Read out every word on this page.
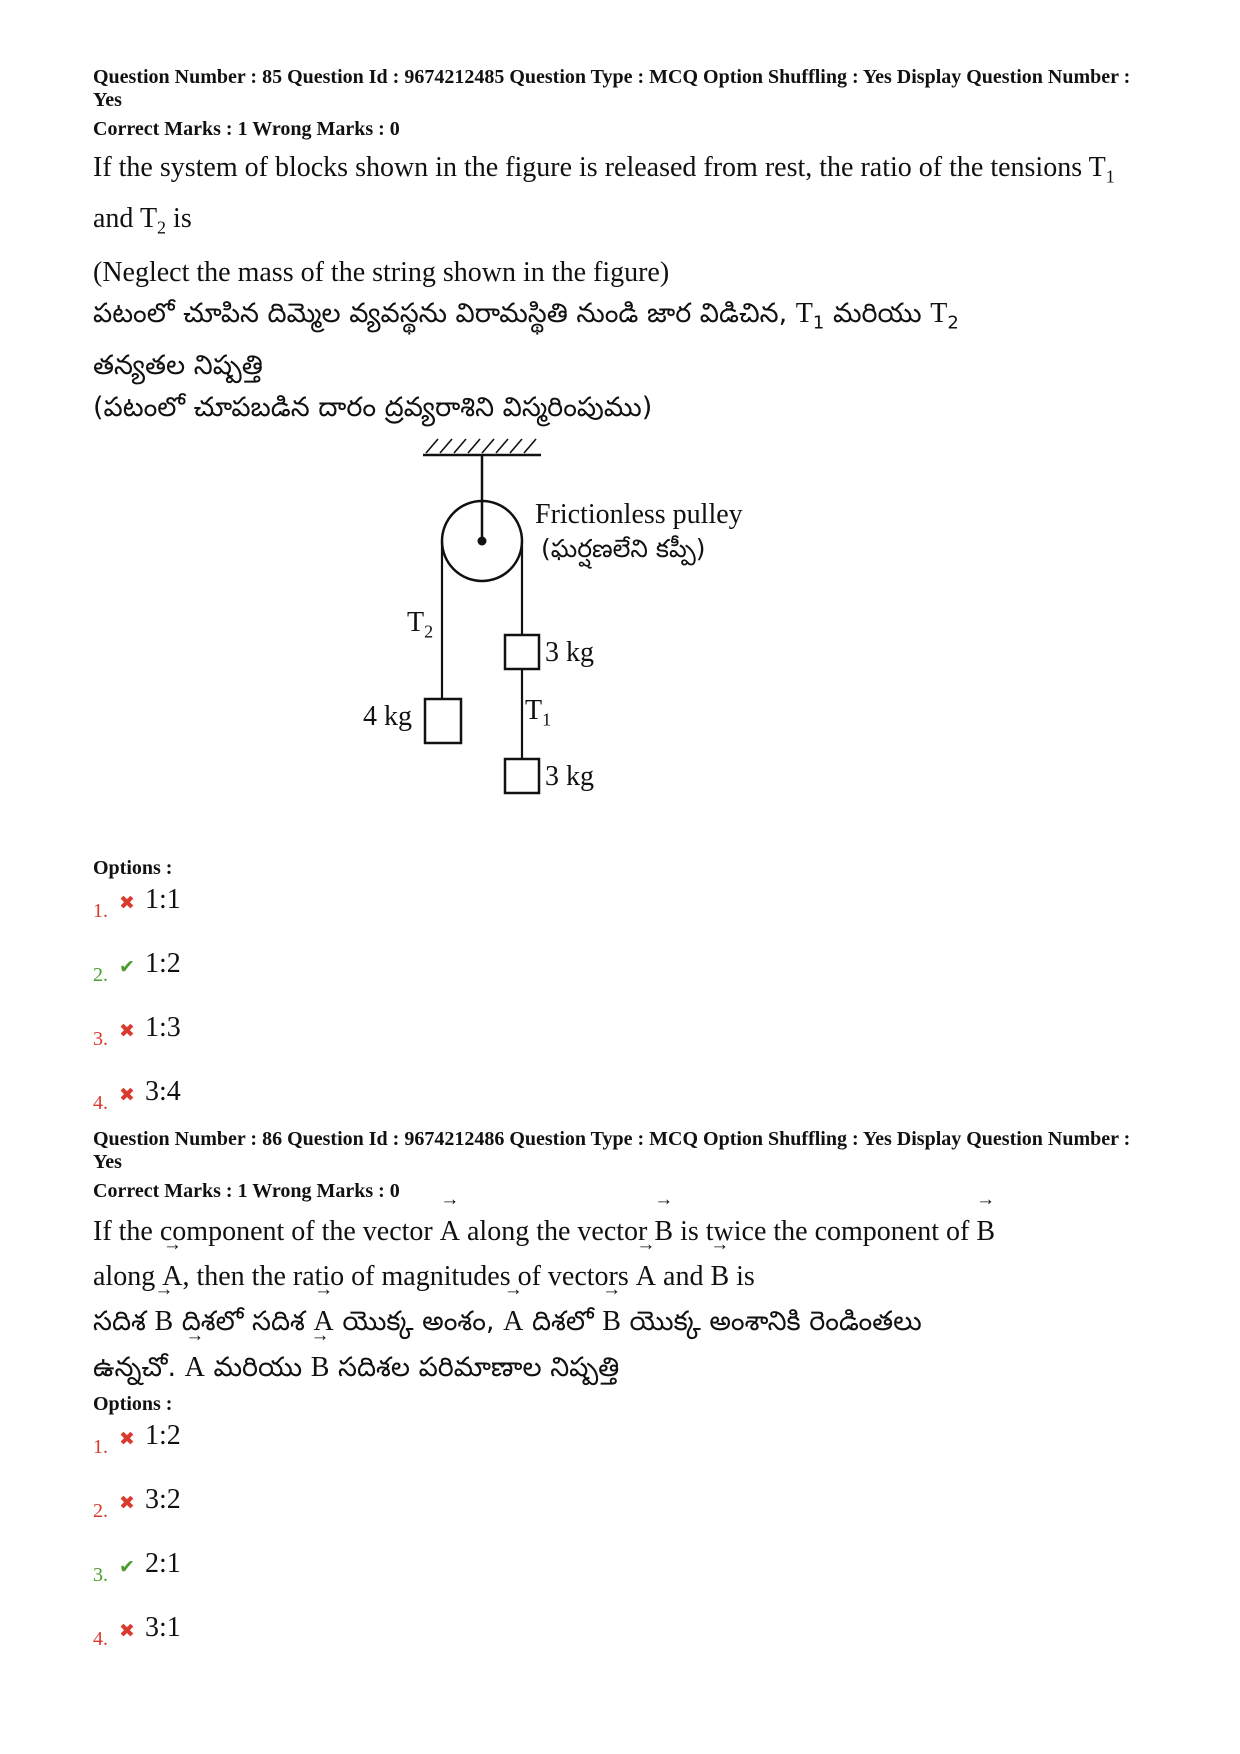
Question Number : 85 Question Id : 9674212485 Question Type : MCQ Option Shuffling : Yes Display Question Number : Yes
Correct Marks : 1 Wrong Marks : 0

If the system of blocks shown in the figure is released from rest, the ratio of the tensions $T_1$ and $T_2$ is

(Neglect the mass of the string shown in the figure)

పటంలో చూపిన దిమ్మెల వ్యవస్థను విరామస్థితి నుండి జార విడిచిన, $T_1$ మరియు $T_2$

తన్యతల నిష్పత్తి

(పటంలో చూపబడిన దారం ద్రవ్యరాశిని విస్మరింపుము)

Frictionless pulley
(ఘర్షణలేని కప్పీ)
$T_2$
$T_1$
4 kg
3 kg
3 kg
Options :
1. ✖ 1:1
2. ✔ 1:2
3. ✖ 1:3
4. ✖ 3:4
Question Number : 86 Question Id : 9674212486 Question Type : MCQ Option Shuffling : Yes Display Question Number : Yes
Correct Marks : 1 Wrong Marks : 0

If the component of the vector → A along the vector → B is twice the component of → B

along → A, then the ratio of magnitudes of vectors → A and → B is

సదిశ → B దిశలో సదిశ → A యొక్క అంశం, → A దిశలో → B యొక్క అంశానికి రెండింతలు

ఉన్నచో. → A మరియు → B సదిశల పరిమాణాల నిష్పత్తి

Options :
1. ✖ 1:2
2. ✖ 3:2
3. ✔ 2:1
4. ✖ 3:1
